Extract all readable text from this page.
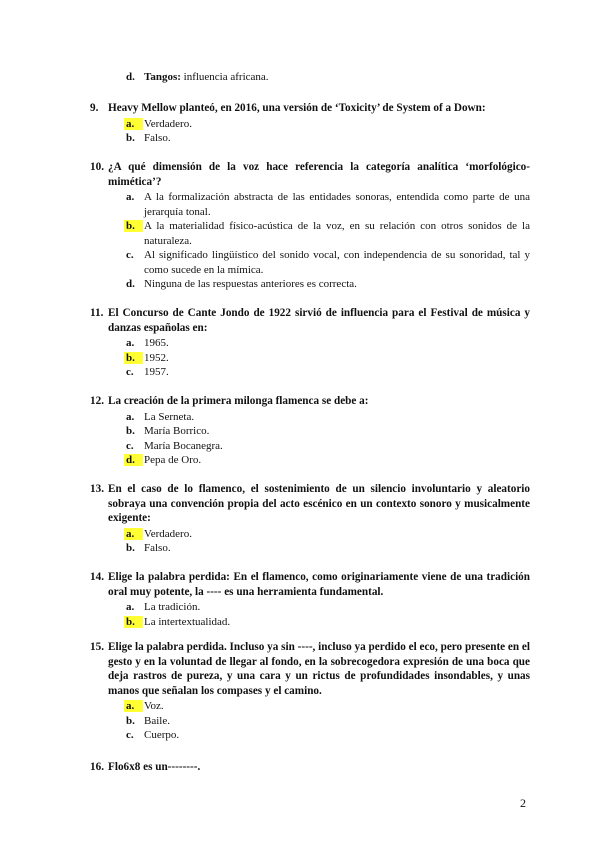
d. Tangos: influencia africana.
9. Heavy Mellow planteó, en 2016, una versión de ‘Toxicity’ de System of a Down:
a. Verdadero.
b. Falso.
10. ¿A qué dimensión de la voz hace referencia la categoría analítica ‘morfológico-mimética’?
a. A la formalización abstracta de las entidades sonoras, entendida como parte de una jerarquía tonal.
b. A la materialidad físico-acústica de la voz, en su relación con otros sonidos de la naturaleza.
c. Al significado lingüístico del sonido vocal, con independencia de su sonoridad, tal y como sucede en la mímica.
d. Ninguna de las respuestas anteriores es correcta.
11. El Concurso de Cante Jondo de 1922 sirvió de influencia para el Festival de música y danzas españolas en:
a. 1965.
b. 1952.
c. 1957.
12. La creación de la primera milonga flamenca se debe a:
a. La Serneta.
b. María Borrico.
c. María Bocanegra.
d. Pepa de Oro.
13. En el caso de lo flamenco, el sostenimiento de un silencio involuntario y aleatorio sobraya una convención propia del acto escénico en un contexto sonoro y musicalmente exigente:
a. Verdadero.
b. Falso.
14. Elige la palabra perdida: En el flamenco, como originariamente viene de una tradición oral muy potente, la ---- es una herramienta fundamental.
a. La tradición.
b. La intertextualidad.
15. Elige la palabra perdida. Incluso ya sin ----, incluso ya perdido el eco, pero presente en el gesto y en la voluntad de llegar al fondo, en la sobrecogedora expresión de una boca que deja rastros de pureza, y una cara y un rictus de profundidades insondables, y unas manos que señalan los compases y el camino.
a. Voz.
b. Baile.
c. Cuerpo.
16. Flo6x8 es un--------.
2
